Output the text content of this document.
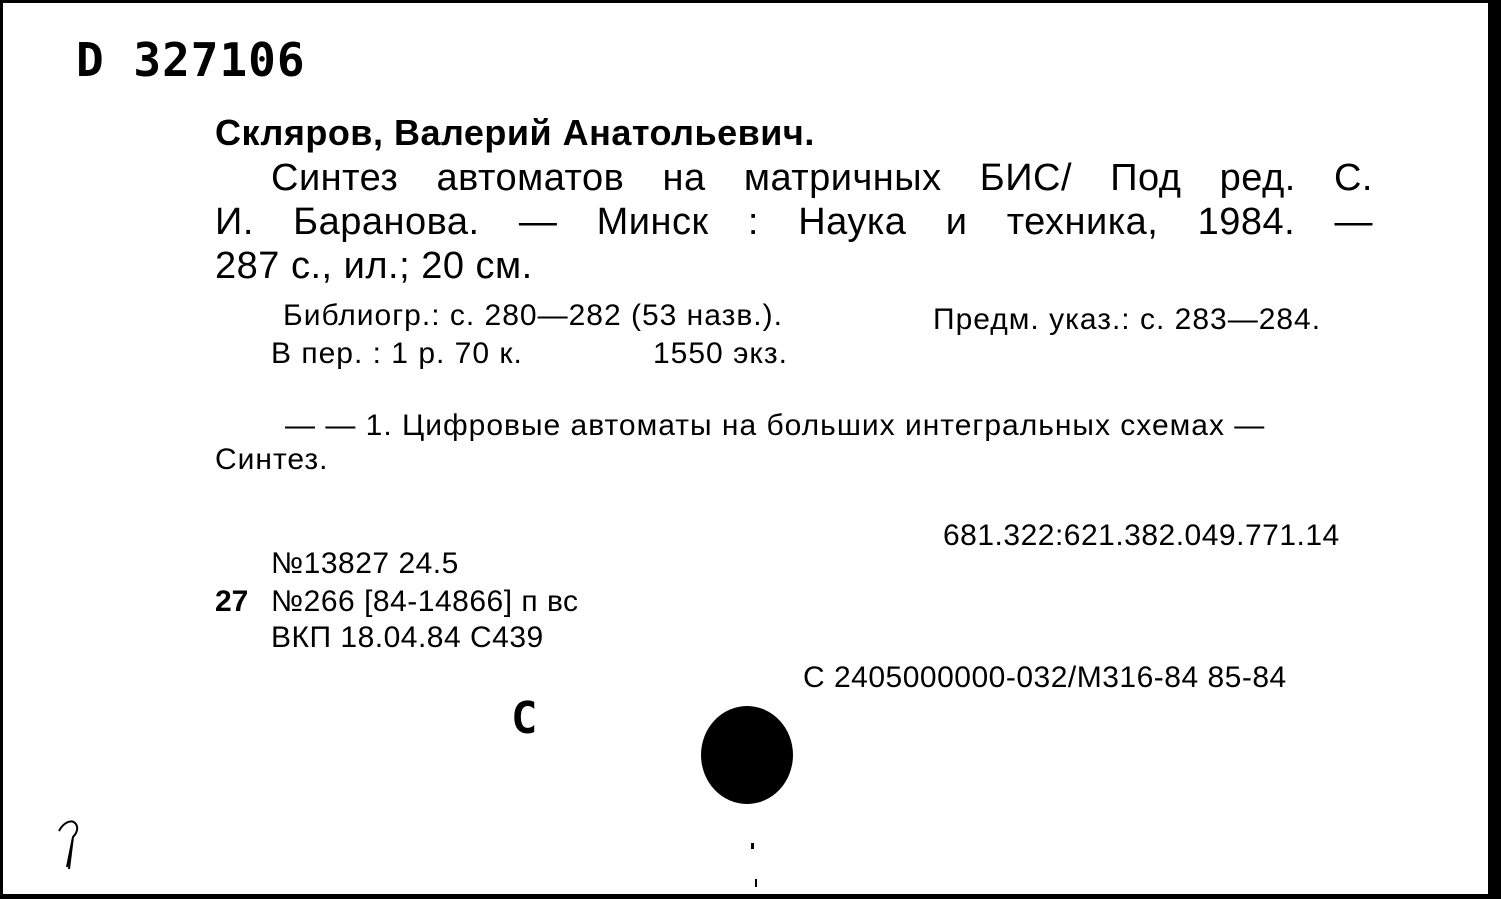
D 327106
Скляров, Валерий Анатольевич.
Синтез автоматов на матричных БИС/ Под ред. С.
И. Баранова. — Минск : Наука и техника, 1984. —
287 с., ил.; 20 см.
Библиогр.: с. 280—282 (53 назв.).	Предм. указ.: с. 283—284.
В пер. : 1 р. 70 к.	1550 экз.
— — 1. Цифровые автоматы на больших интегральных схемах —
Синтез.
681.322:621.382.049.771.14
№13827 24.5
27 №266 [84-14866] п вс
ВКП 18.04.84 С439
С 2405000000-032/М316-84 85-84
С
